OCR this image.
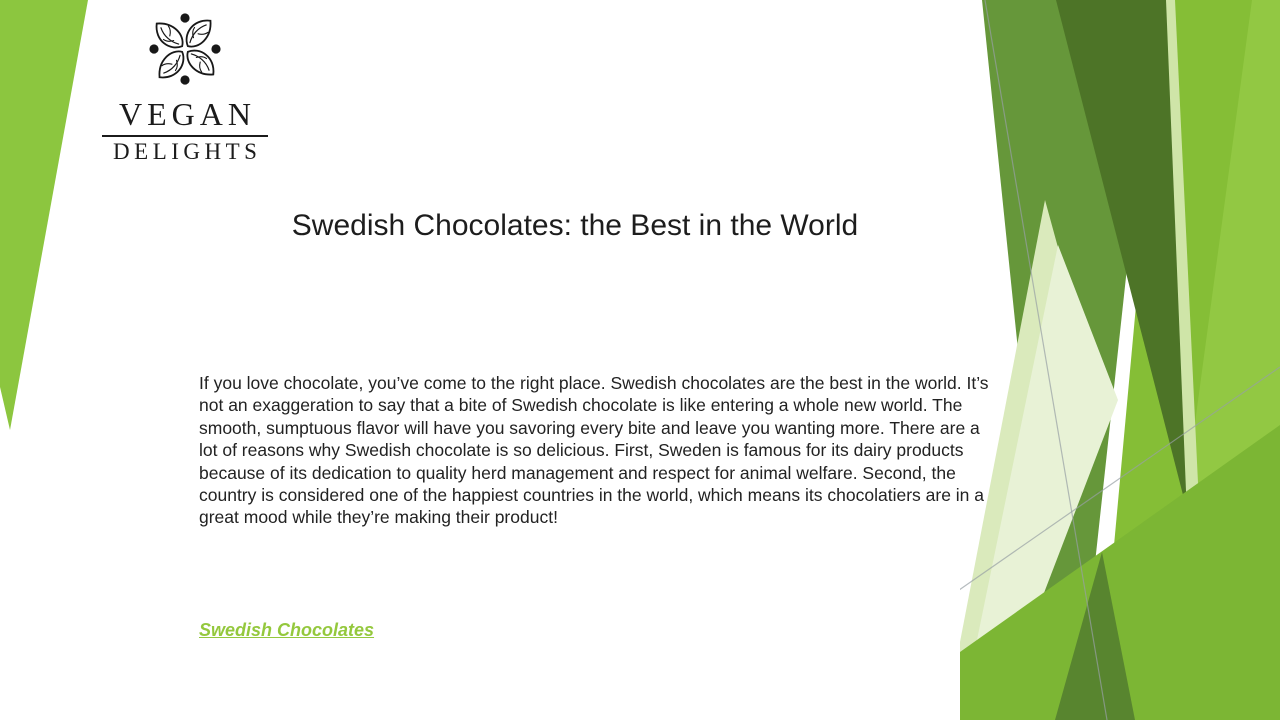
VEGAN
DELIGHTS
Swedish Chocolates: the Best in the World
If you love chocolate, you’ve come to the right place. Swedish chocolates are the best in the world. It’s not an exaggeration to say that a bite of Swedish chocolate is like entering a whole new world. The smooth, sumptuous flavor will have you savoring every bite and leave you wanting more. There are a lot of reasons why Swedish chocolate is so delicious. First, Sweden is famous for its dairy products because of its dedication to quality herd management and respect for animal welfare. Second, the country is considered one of the happiest countries in the world, which means its chocolatiers are in a great mood while they’re making their product!
Swedish Chocolates
